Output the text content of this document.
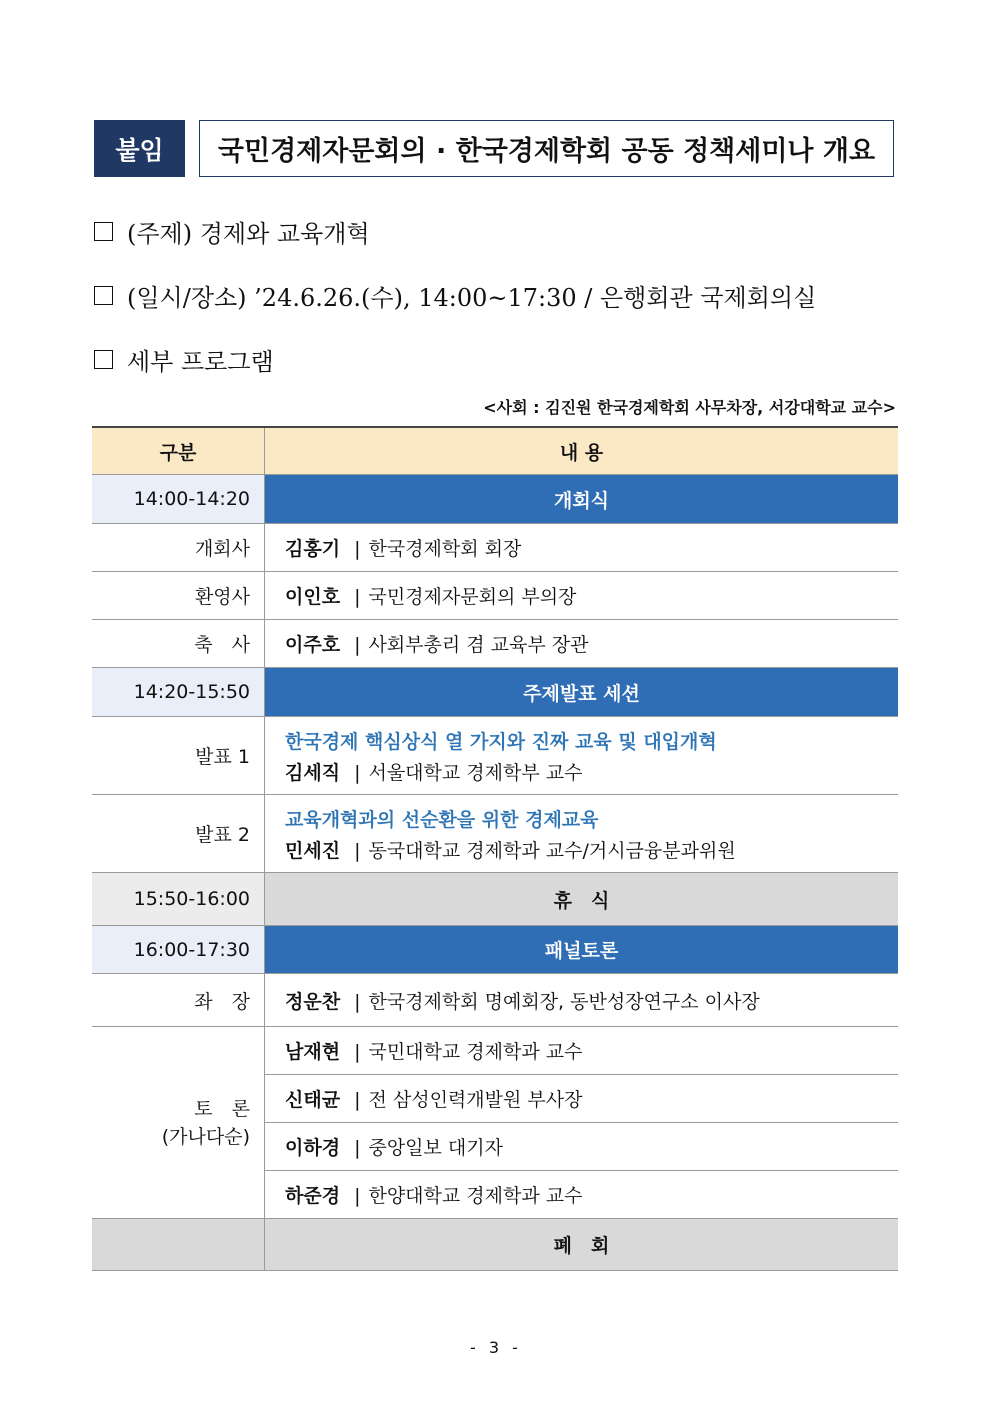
붙임	국민경제자문회의 · 한국경제학회 공동 정책세미나 개요
(주제) 경제와 교육개혁
(일시/장소) ’24.6.26.(수), 14:00~17:30 / 은행회관 국제회의실
세부 프로그램
<사회 : 김진원 한국경제학회 사무차장, 서강대학교 교수>
구분	내 용
14:00-14:20	개회식
개회사	김홍기 | 한국경제학회 회장
환영사	이인호 | 국민경제자문회의 부의장
축　사	이주호 | 사회부총리 겸 교육부 장관
14:20-15:50	주제발표 세션
발표 1	한국경제 핵심상식 열 가지와 진짜 교육 및 대입개혁
김세직 | 서울대학교 경제학부 교수
발표 2	교육개혁과의 선순환을 위한 경제교육
민세진 | 동국대학교 경제학과 교수/거시금융분과위원
15:50-16:00	휴　식
16:00-17:30	패널토론
좌　장	정운찬 | 한국경제학회 명예회장, 동반성장연구소 이사장

토　론
(가나다순)	남재현 | 국민대학교 경제학과 교수
	신태균 | 전 삼성인력개발원 부사장
	이하경 | 중앙일보 대기자
	하준경 | 한양대학교 경제학과 교수
	폐　회
- 3 -
